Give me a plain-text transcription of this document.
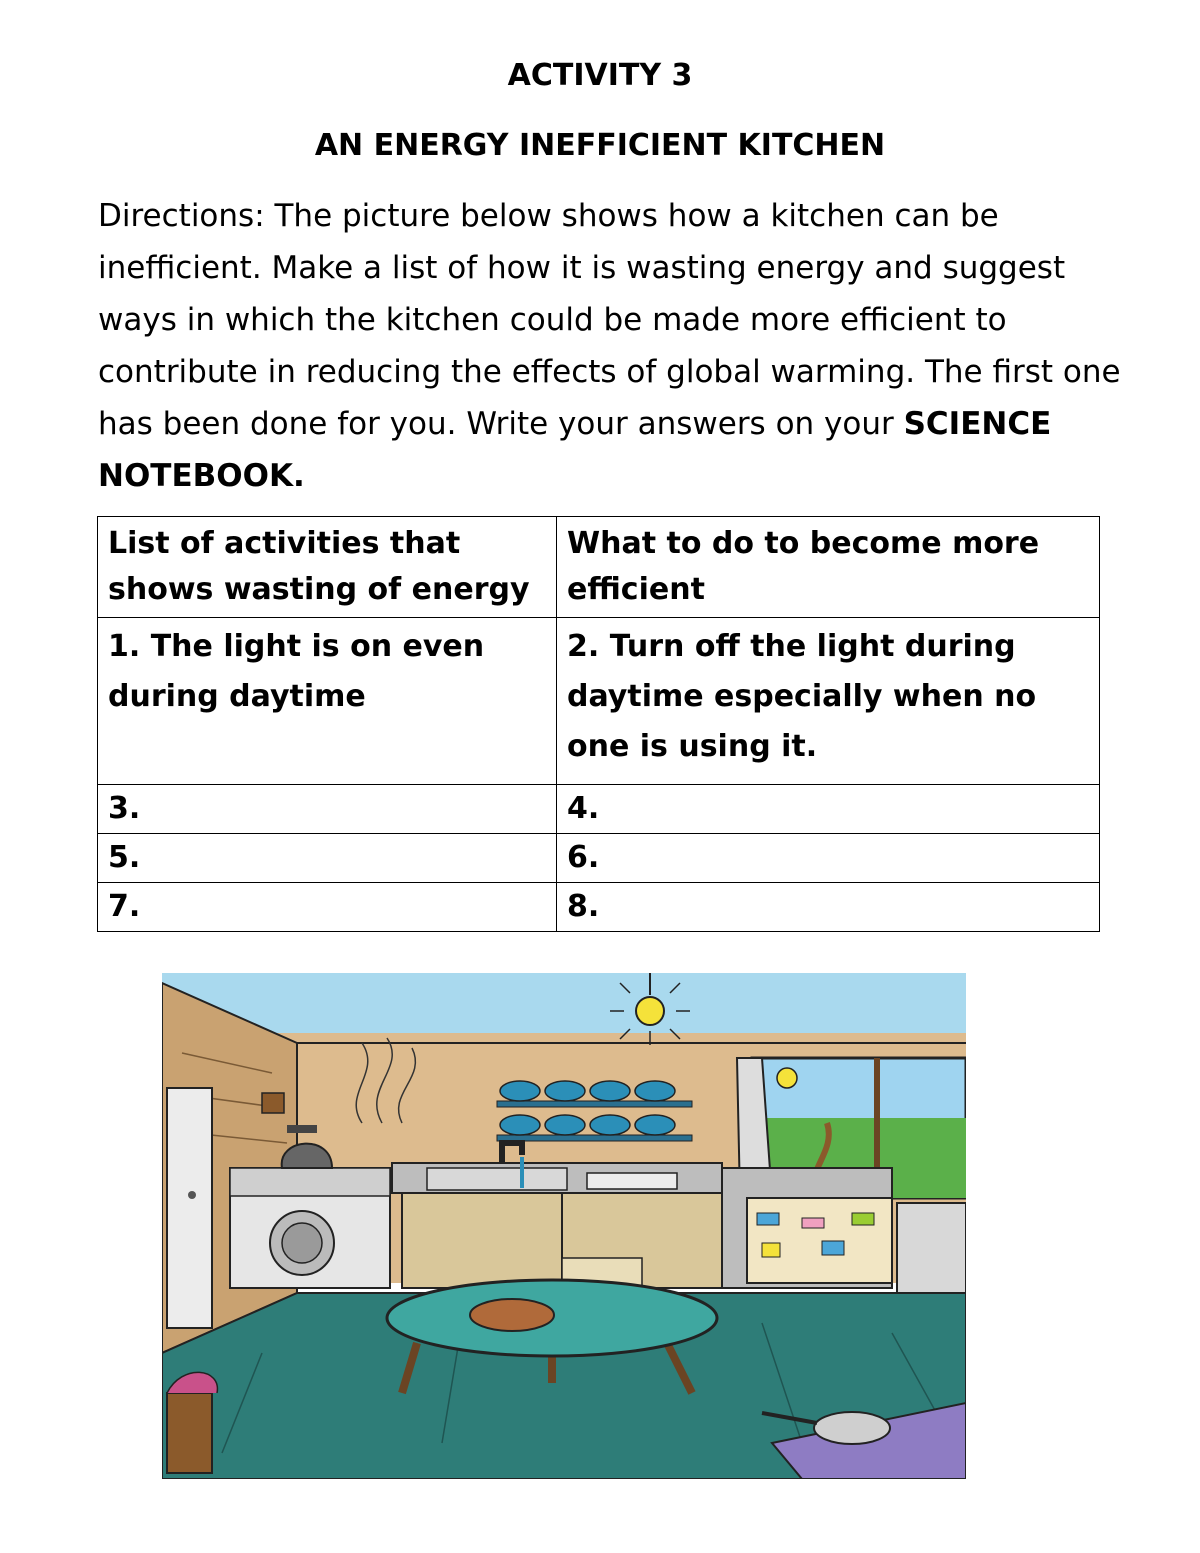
ACTIVITY 3
AN ENERGY INEFFICIENT KITCHEN
Directions: The picture below shows how a kitchen can be inefficient. Make a list of how it is wasting energy and suggest ways in which the kitchen could be made more efficient to contribute in reducing the effects of global warming. The first one has been done for you. Write your answers on your SCIENCE
NOTEBOOK.
List of activities that shows wasting of energy	What to do to become more efficient
1. The light is on even during daytime	2. Turn off the light during daytime especially when no one is using it.
3.	4.
5.	6.
7.	8.
